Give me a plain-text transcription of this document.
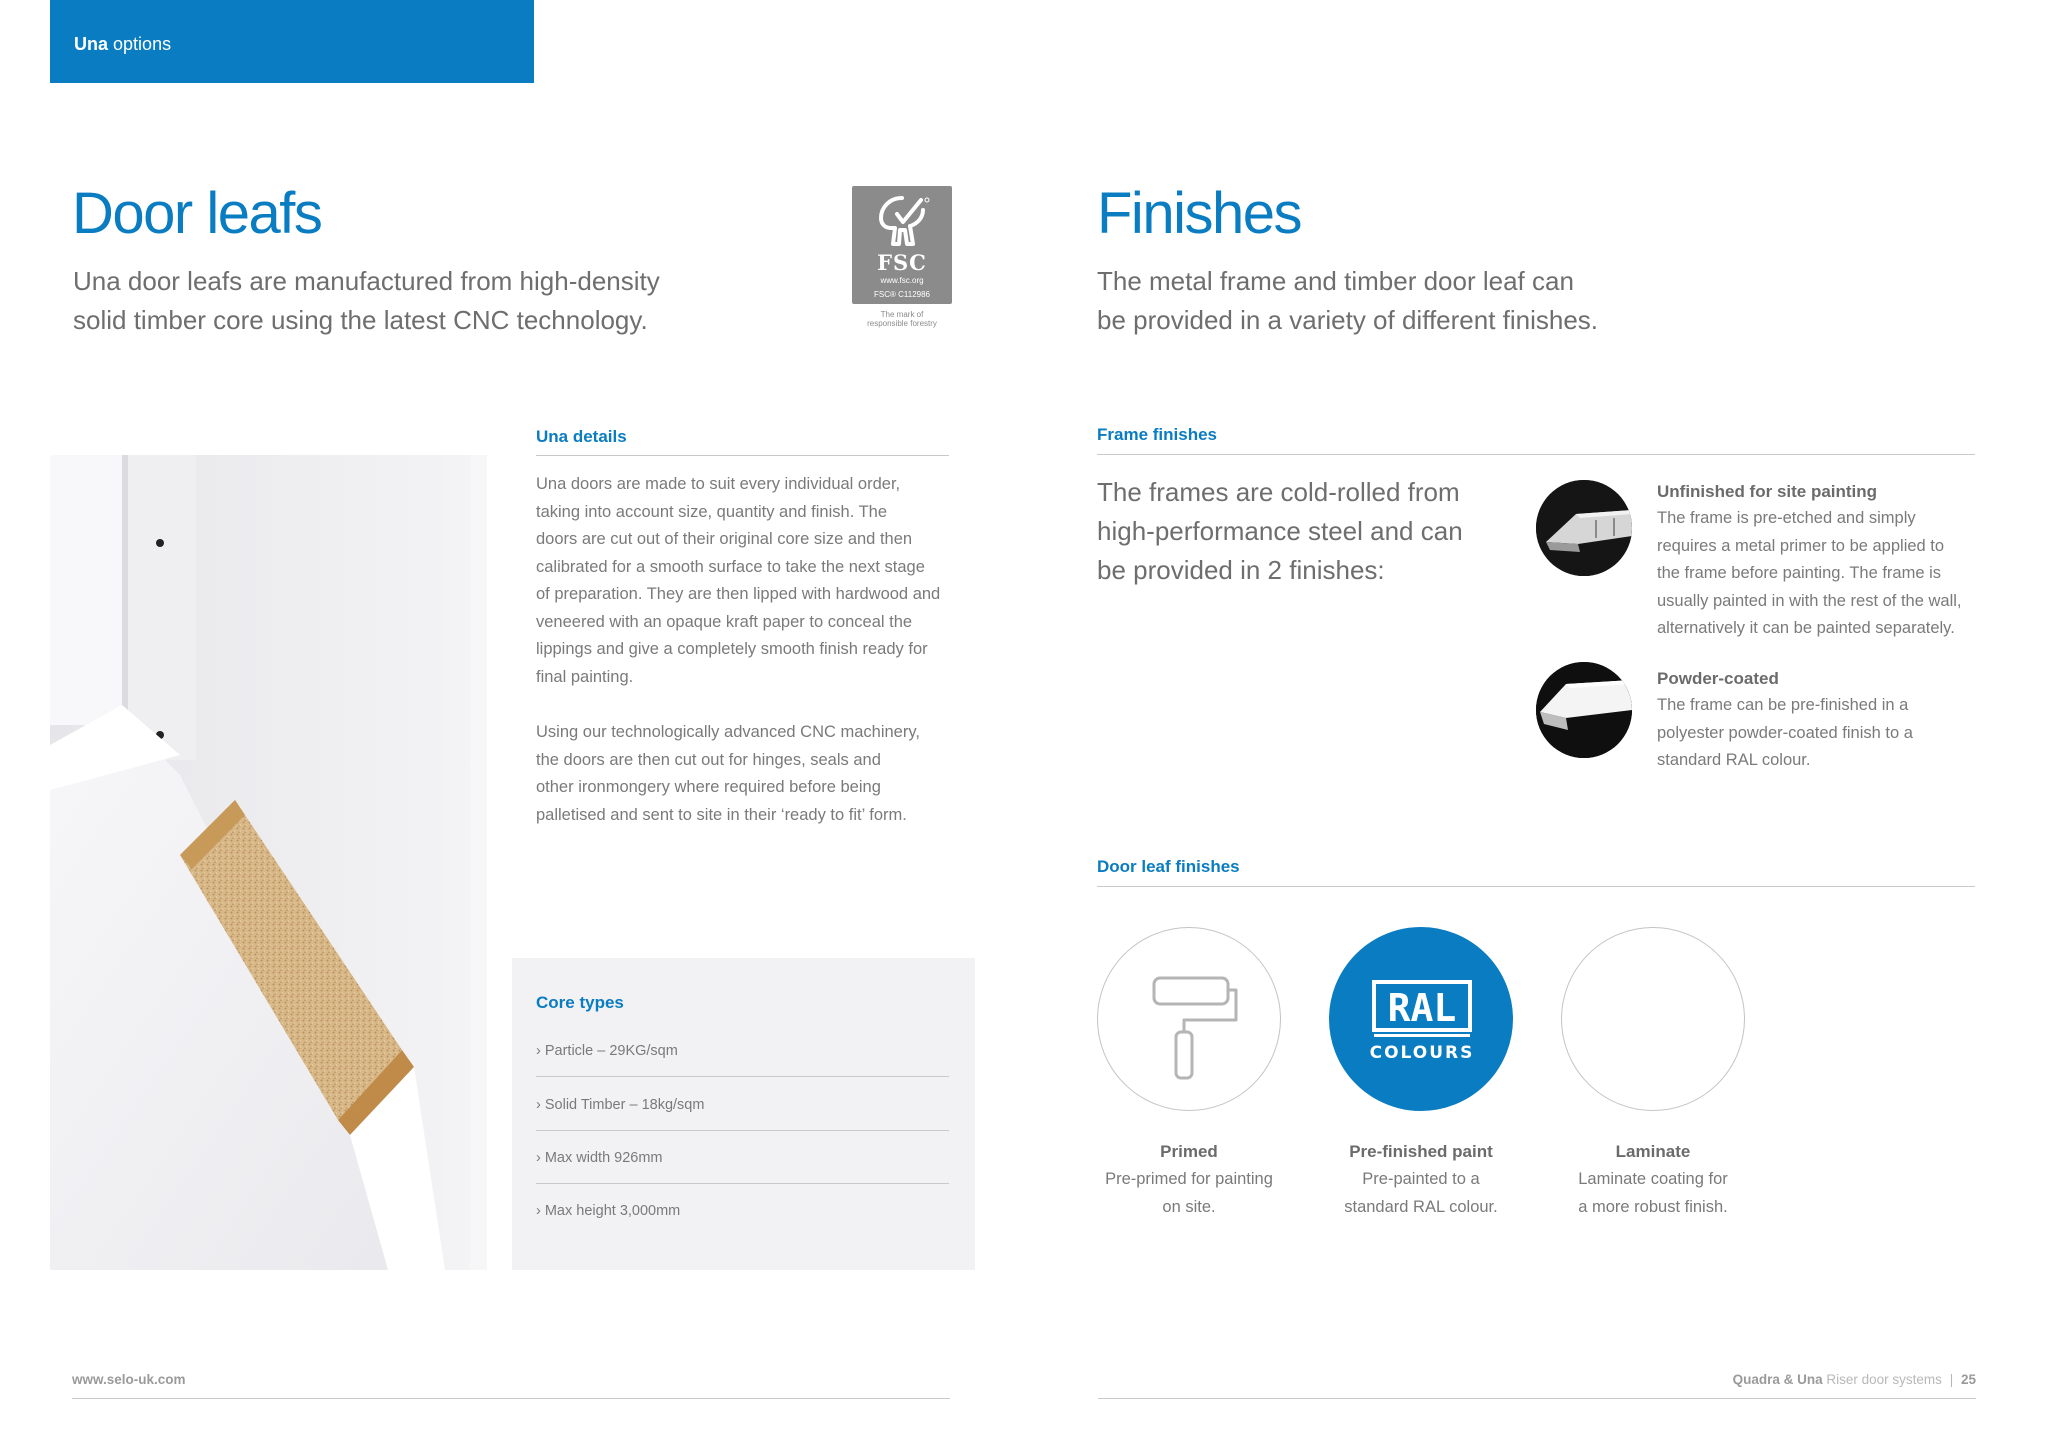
Una options
Door leafs
Una door leafs are manufactured from high-density
solid timber core using the latest CNC technology.
FSC
www.fsc.org
FSC® C112986
The mark of
responsible forestry
Una details
Una doors are made to suit every individual order,
taking into account size, quantity and finish. The
doors are cut out of their original core size and then
calibrated for a smooth surface to take the next stage
of preparation. They are then lipped with hardwood and
veneered with an opaque kraft paper to conceal the
lippings and give a completely smooth finish ready for
final painting.
Using our technologically advanced CNC machinery,
the doors are then cut out for hinges, seals and
other ironmongery where required before being
palletised and sent to site in their ‘ready to fit’ form.
Core types
› Particle – 29KG/sqm
› Solid Timber – 18kg/sqm
› Max width 926mm
› Max height 3,000mm
Finishes
The metal frame and timber door leaf can
be provided in a variety of different finishes.
Frame finishes
The frames are cold-rolled from
high-performance steel and can
be provided in 2 finishes:
Unfinished for site painting
The frame is pre-etched and simply
requires a metal primer to be applied to
the frame before painting. The frame is
usually painted in with the rest of the wall,
alternatively it can be painted separately.
Powder-coated
The frame can be pre-finished in a
polyester powder-coated finish to a
standard RAL colour.
Door leaf finishes
Primed
Pre-primed for painting
on site.
RAL
COLOURS
Pre-finished paint
Pre-painted to a
standard RAL colour.
Laminate
Laminate coating for
a more robust finish.
www.selo-uk.com	Quadra & Una Riser door systems | 25
